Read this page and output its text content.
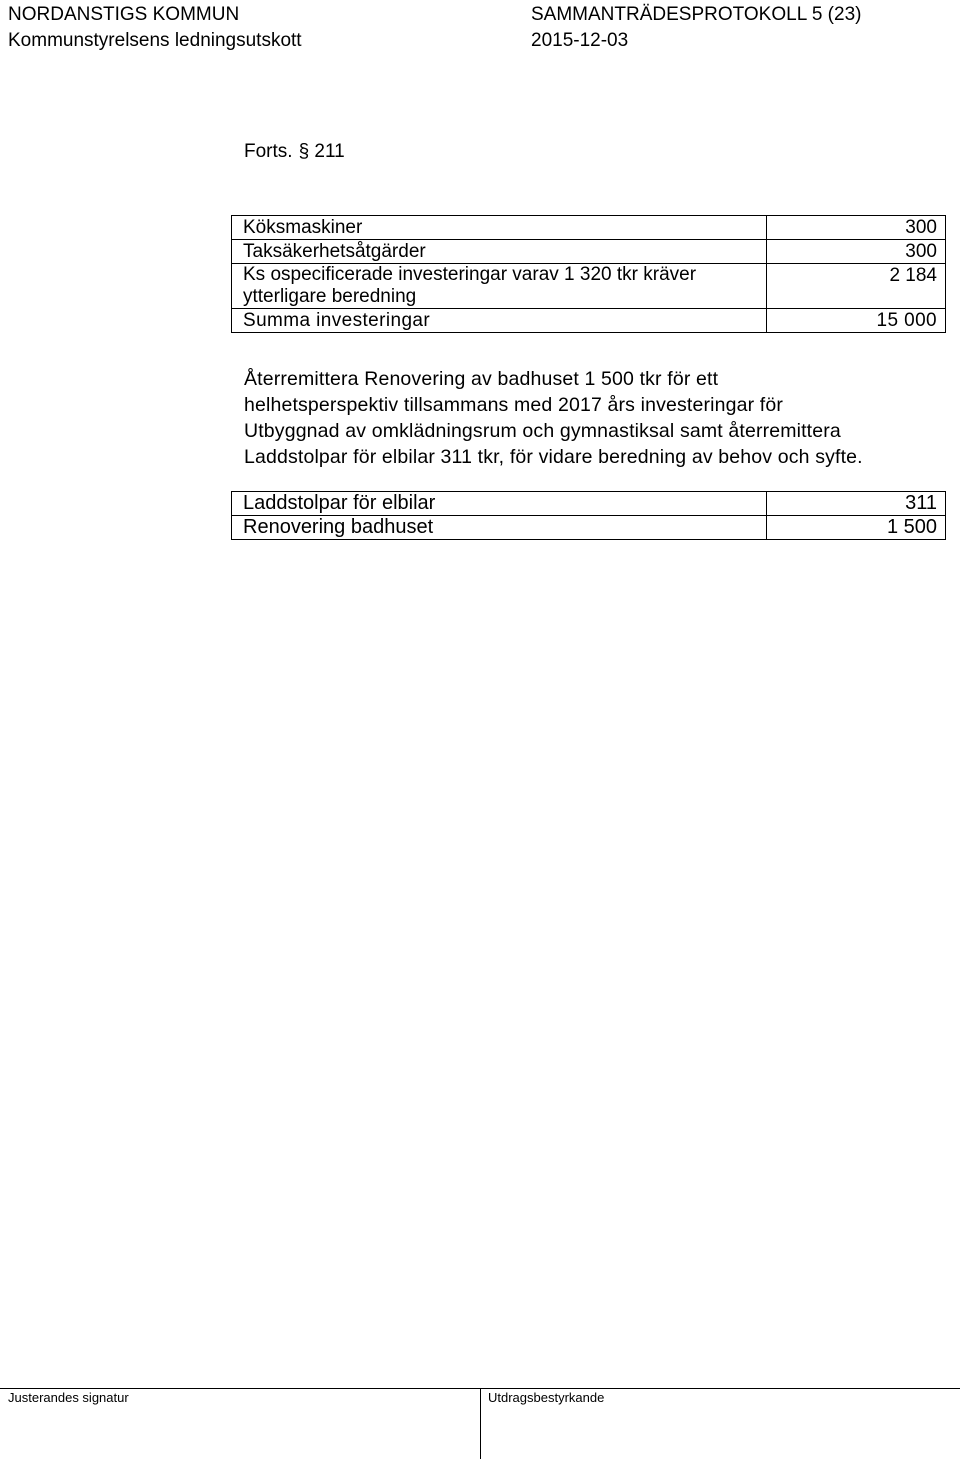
NORDANSTIGS KOMMUN
Kommunstyrelsens ledningsutskott
SAMMANTRÄDESPROTOKOLL 5 (23)
2015-12-03
Forts. § 211
Köksmaskiner	300
Taksäkerhetsåtgärder	300
Ks ospecificerade investeringar varav 1 320 tkr kräver ytterligare beredning	2 184
Summa investeringar	15 000

Återremittera Renovering av badhuset 1 500 tkr för ett

helhetsperspektiv tillsammans med 2017 års investeringar för

Utbyggnad av omklädningsrum och gymnastiksal samt återremittera

Laddstolpar för elbilar 311 tkr, för vidare beredning av behov och syfte.

Laddstolpar för elbilar	311
Renovering badhuset	1 500
Justerandes signatur	Utdragsbestyrkande
